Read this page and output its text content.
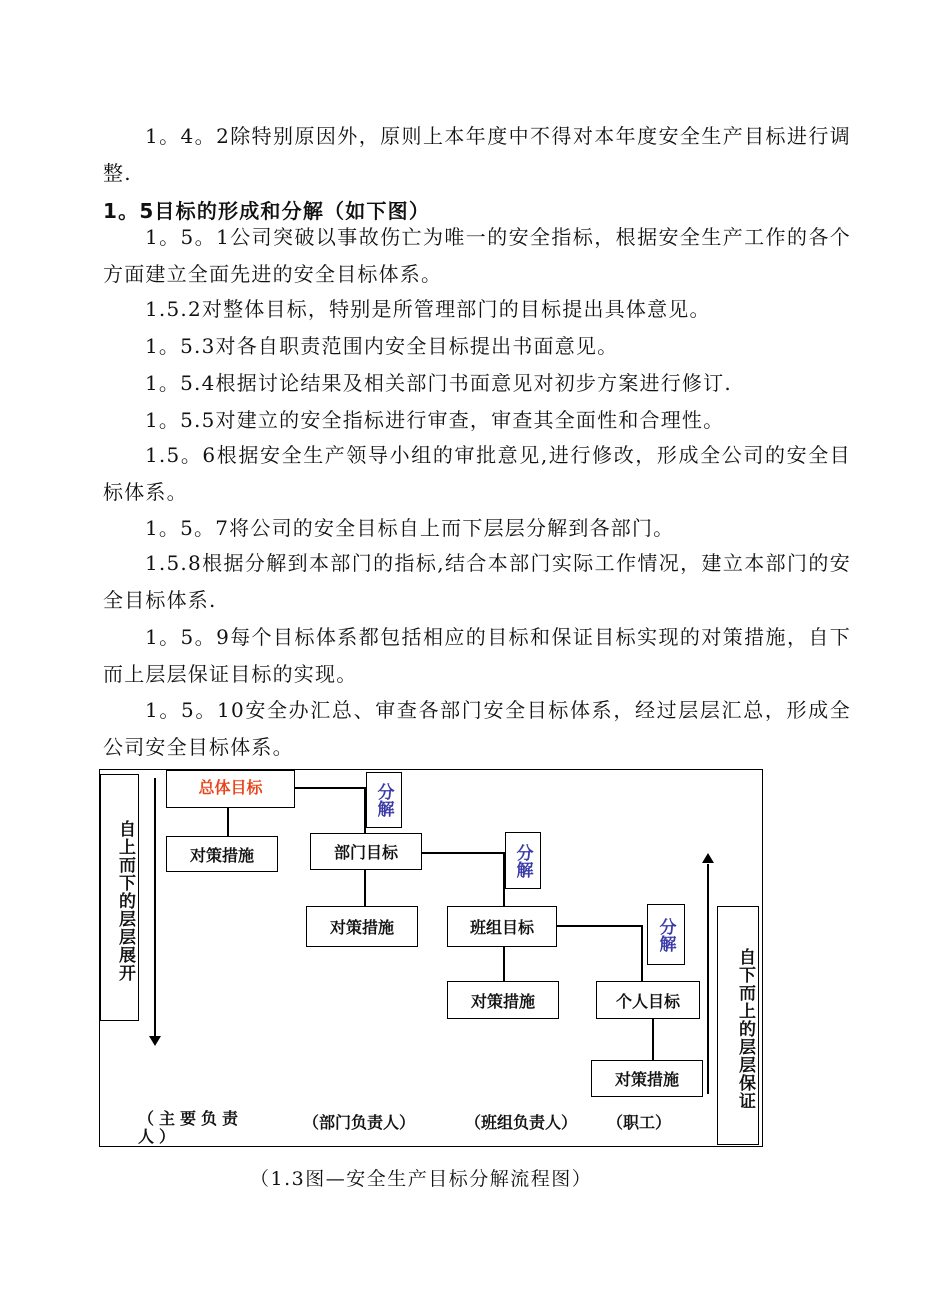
1。4。2除特别原因外，原则上本年度中不得对本年度安全生产目标进行调整.

1。5目标的形成和分解（如下图）

1。5。1公司突破以事故伤亡为唯一的安全指标，根据安全生产工作的各个方面建立全面先进的安全目标体系。

1.5.2对整体目标，特别是所管理部门的目标提出具体意见。

1。5.3对各自职责范围内安全目标提出书面意见。

1。5.4根据讨论结果及相关部门书面意见对初步方案进行修订.

1。5.5对建立的安全指标进行审查，审查其全面性和合理性。

1.5。6根据安全生产领导小组的审批意见,进行修改，形成全公司的安全目标体系。

1。5。7将公司的安全目标自上而下层层分解到各部门。

1.5.8根据分解到本部门的指标,结合本部门实际工作情况，建立本部门的安全目标体系.

1。5。9每个目标体系都包括相应的目标和保证目标实现的对策措施，自下而上层层保证目标的实现。

1。5。10安全办汇总、审查各部门安全目标体系，经过层层汇总，形成全公司安全目标体系。

自上而下的层层展开
总体目标	分解
对策措施	部门目标	分解
对策措施	班组目标	分解
对策措施	个人目标
对策措施	自下而上的层层保证
（主要负责人）
（部门负责人）	（班组负责人） （职工）
（1.3图—安全生产目标分解流程图）
